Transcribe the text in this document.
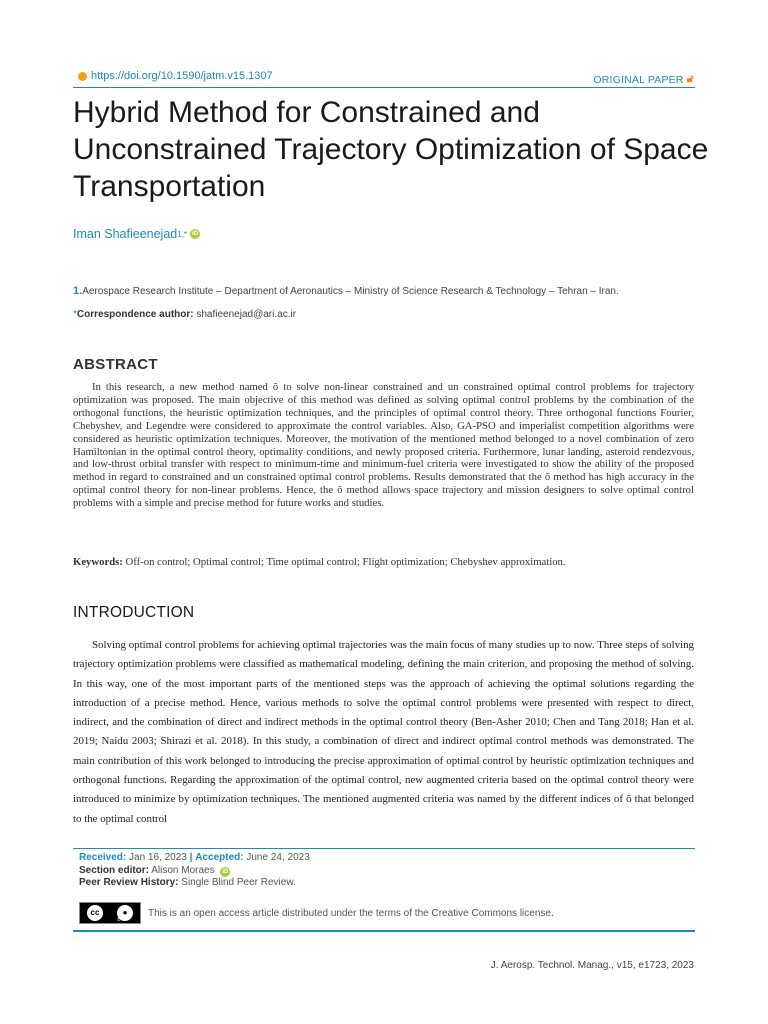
https://doi.org/10.1590/jatm.v15.1307	ORIGINAL PAPER 🔓︎
Hybrid Method for Constrained and Unconstrained Trajectory Optimization of Space Transportation
Iman Shafieenejad 1,* iD
1.Aerospace Research Institute – Department of Aeronautics – Ministry of Science Research & Technology – Tehran – Iran.
*Correspondence author: shafieenejad@ari.ac.ir
ABSTRACT
In this research, a new method named õ to solve non-linear constrained and un constrained optimal control problems for trajectory optimization was proposed. The main objective of this method was defined as solving optimal control problems by the combination of the orthogonal functions, the heuristic optimization techniques, and the principles of optimal control theory. Three orthogonal functions Fourier, Chebyshev, and Legendre were considered to approximate the control variables. Also, GA-PSO and imperialist competition algorithms were considered as heuristic optimization techniques. Moreover, the motivation of the mentioned method belonged to a novel combination of zero Hamiltonian in the optimal control theory, optimality conditions, and newly proposed criteria. Furthermore, lunar landing, asteroid rendezvous, and low-thrust orbital transfer with respect to minimum-time and minimum-fuel criteria were investigated to show the ability of the proposed method in regard to constrained and un constrained optimal control problems. Results demonstrated that the õ method has high accuracy in the optimal control theory for non-linear problems. Hence, the õ method allows space trajectory and mission designers to solve optimal control problems with a simple and precise method for future works and studies.
Keywords: Off-on control; Optimal control; Time optimal control; Flight optimization; Chebyshev approximation.
INTRODUCTION
Solving optimal control problems for achieving optimal trajectories was the main focus of many studies up to now. Three steps of solving trajectory optimization problems were classified as mathematical modeling, defining the main criterion, and proposing the method of solving. In this way, one of the most important parts of the mentioned steps was the approach of achieving the optimal solutions regarding the introduction of a precise method. Hence, various methods to solve the optimal control problems were presented with respect to direct, indirect, and the combination of direct and indirect methods in the optimal control theory (Ben-Asher 2010; Chen and Tang 2018; Han et al. 2019; Naidu 2003; Shirazi et al. 2018). In this study, a combination of direct and indirect optimal control methods was demonstrated. The main contribution of this work belonged to introducing the precise approximation of optimal control by heuristic optimization techniques and orthogonal functions. Regarding the approximation of the optimal control, new augmented criteria based on the optimal control theory were introduced to minimize by optimization techniques. The mentioned augmented criteria was named by the different indices of õ that belonged to the optimal control
Received: Jan 16, 2023 | Accepted: June 24, 2023
Section editor: Alison Moraes iD
Peer Review History: Single Blind Peer Review.
cc	●
BY
This is an open access article distributed under the terms of the Creative Commons license.
J. Aerosp. Technol. Manag., v15, e1723, 2023
